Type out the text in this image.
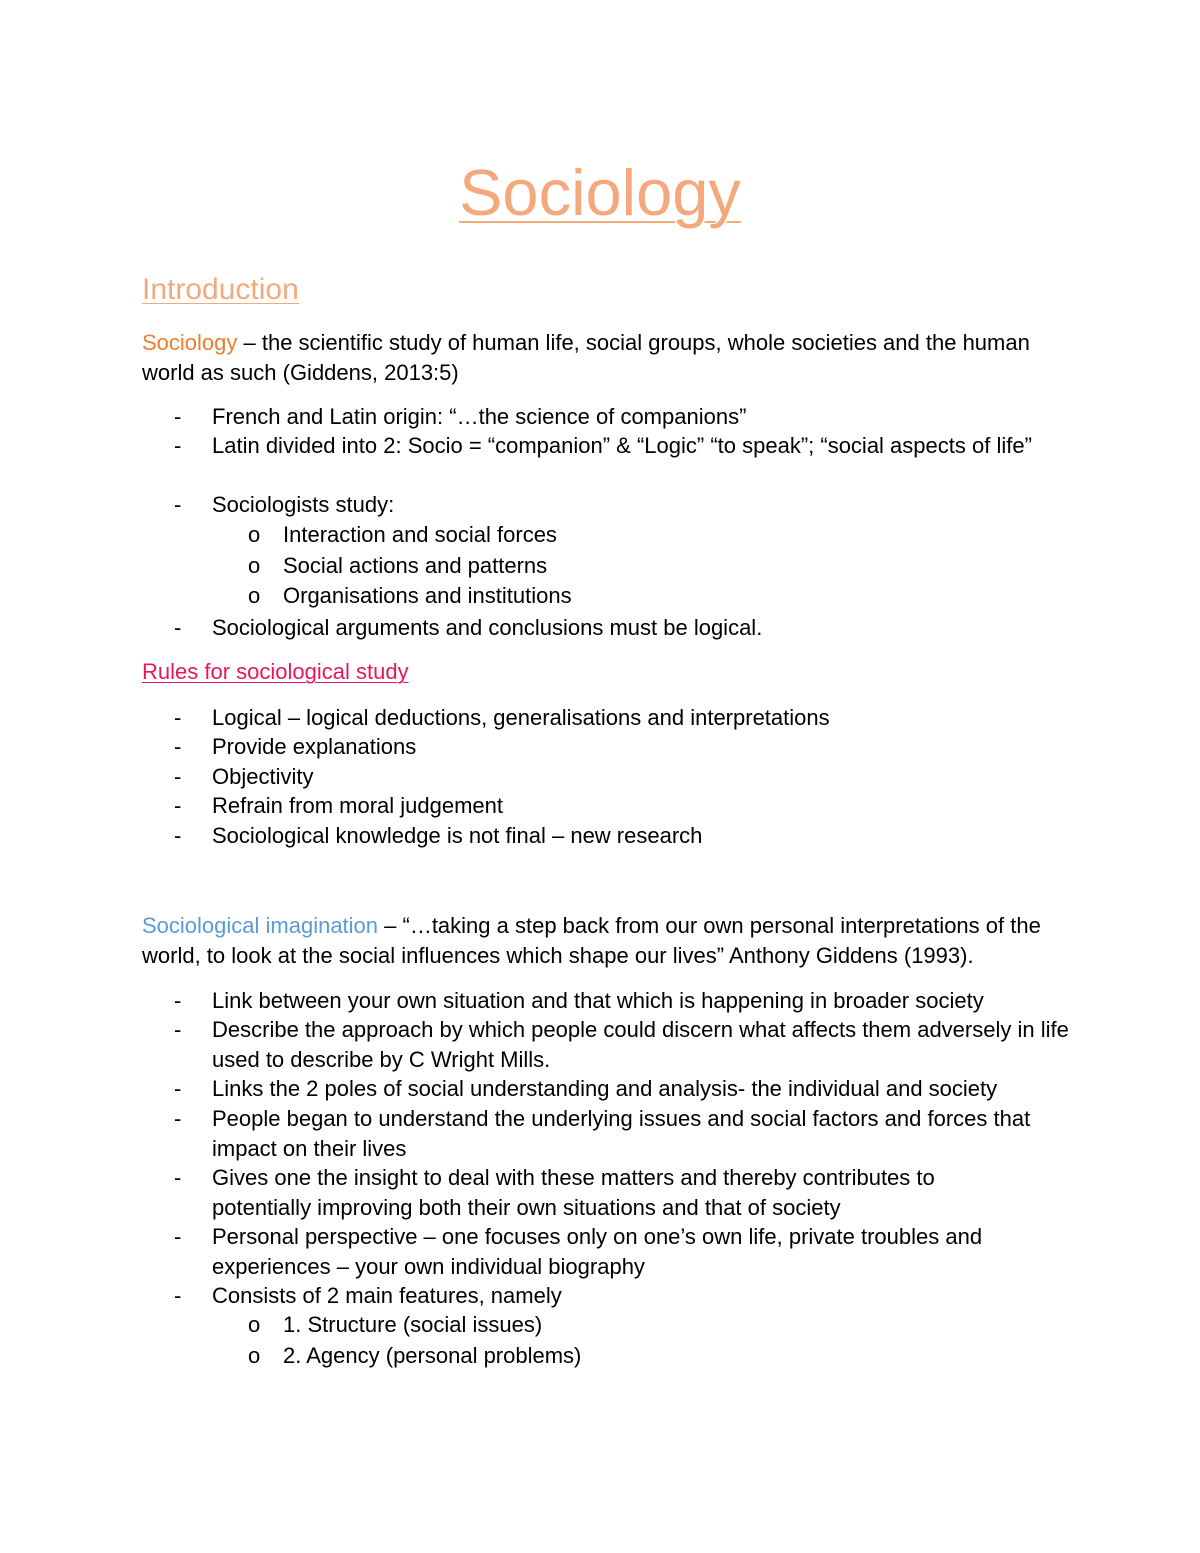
Sociology
Introduction
Sociology – the scientific study of human life, social groups, whole societies and the human world as such (Giddens, 2013:5)
- French and Latin origin: “…the science of companions”
- Latin divided into 2: Socio = “companion” & “Logic” “to speak”; “social aspects of life”
- Sociologists study:
o Interaction and social forces
o Social actions and patterns
o Organisations and institutions
- Sociological arguments and conclusions must be logical.
Rules for sociological study
- Logical – logical deductions, generalisations and interpretations
- Provide explanations
- Objectivity
- Refrain from moral judgement
- Sociological knowledge is not final – new research
Sociological imagination – “…taking a step back from our own personal interpretations of the world, to look at the social influences which shape our lives” Anthony Giddens (1993).
- Link between your own situation and that which is happening in broader society
- Describe the approach by which people could discern what affects them adversely in life used to describe by C Wright Mills.
- Links the 2 poles of social understanding and analysis- the individual and society
- People began to understand the underlying issues and social factors and forces that impact on their lives
- Gives one the insight to deal with these matters and thereby contributes to potentially improving both their own situations and that of society
- Personal perspective – one focuses only on one’s own life, private troubles and experiences – your own individual biography
- Consists of 2 main features, namely
o 1. Structure (social issues)
o 2. Agency (personal problems)
